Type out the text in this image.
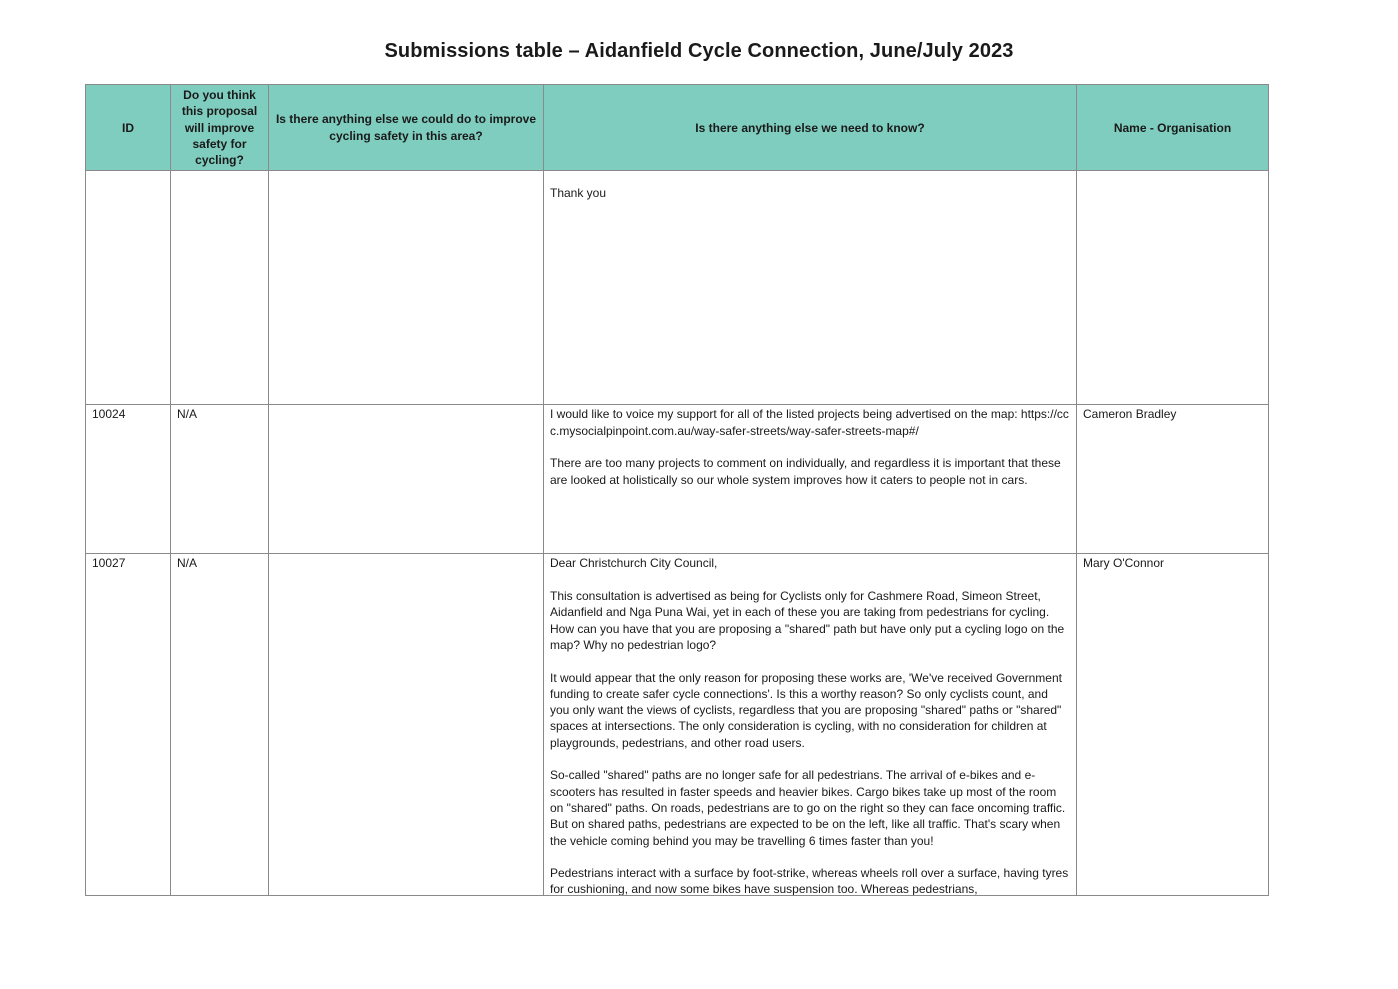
Submissions table – Aidanfield Cycle Connection, June/July 2023
ID	Do you think this proposal will improve safety for cycling?	Is there anything else we could do to improve cycling safety in this area?	Is there anything else we need to know?	Name - Organisation

			Thank you	

10024	N/A		I would like to voice my support for all of the listed projects being advertised on the map: https://ccc.mysocialpinpoint.com.au/way-safer-streets/way-safer-streets-map#/

There are too many projects to comment on individually, and regardless it is important that these are looked at holistically so our whole system improves how it caters to people not in cars.	Cameron Bradley

10027	N/A		Dear Christchurch City Council,

This consultation is advertised as being for Cyclists only for Cashmere Road, Simeon Street, Aidanfield and Nga Puna Wai, yet in each of these you are taking from pedestrians for cycling. How can you have that you are proposing a "shared" path but have only put a cycling logo on the map? Why no pedestrian logo?

It would appear that the only reason for proposing these works are, 'We've received Government funding to create safer cycle connections'. Is this a worthy reason? So only cyclists count, and you only want the views of cyclists, regardless that you are proposing "shared" paths or "shared" spaces at intersections. The only consideration is cycling, with no consideration for children at playgrounds, pedestrians, and other road users.

So-called "shared" paths are no longer safe for all pedestrians. The arrival of e-bikes and e-scooters has resulted in faster speeds and heavier bikes. Cargo bikes take up most of the room on "shared" paths. On roads, pedestrians are to go on the right so they can face oncoming traffic. But on shared paths, pedestrians are expected to be on the left, like all traffic. That's scary when the vehicle coming behind you may be travelling 6 times faster than you!

Pedestrians interact with a surface by foot-strike, whereas wheels roll over a surface, having tyres for cushioning, and now some bikes have suspension too. Whereas pedestrians,	Mary O'Connor
